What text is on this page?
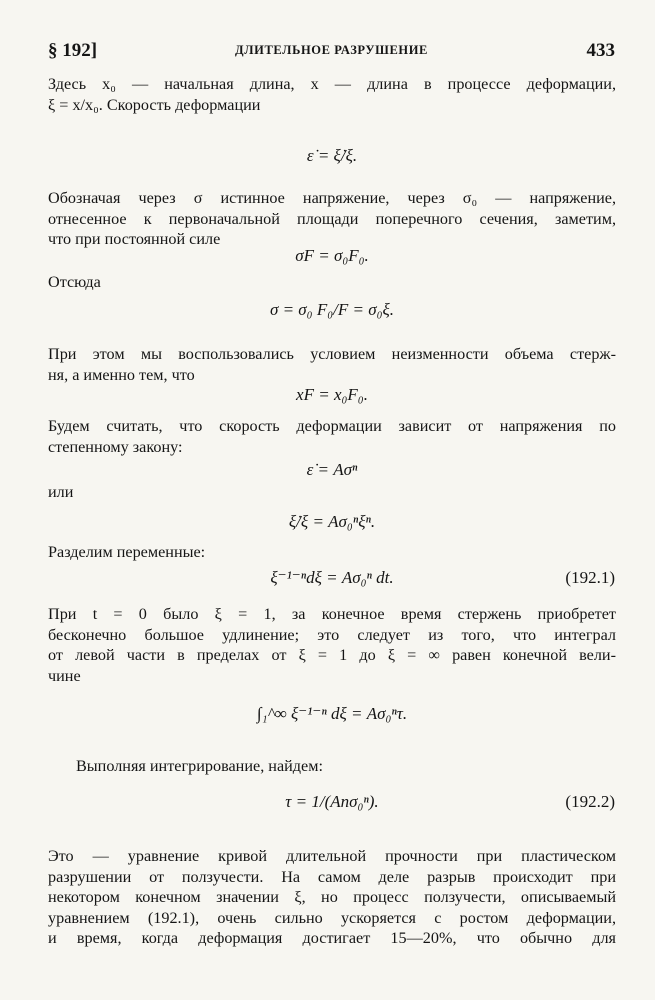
§ 192]	ДЛИТЕЛЬНОЕ РАЗРУШЕНИЕ	433
Здесь x₀ — начальная длина, x — длина в процессе деформации,
ξ = x/x₀. Скорость деформации
ε̇ = ξ̇/ξ.
Обозначая через σ истинное напряжение, через σ₀ — напряжение,
отнесенное к первоначальной площади поперечного сечения, заметим,
что при постоянной силе
σF = σ₀F₀.
Отсюда
σ = σ₀ F₀/F = σ₀ξ.
При этом мы воспользовались условием неизменности объема стерж-
ня, а именно тем, что
xF = x₀F₀.
Будем считать, что скорость деформации зависит от напряжения по
степенному закону:
ε̇ = Aσⁿ
или
ξ̇/ξ = Aσ₀ⁿξⁿ.
Разделим переменные:
ξ⁻¹⁻ⁿdξ = Aσ₀ⁿ dt.	(192.1)
При t = 0 было ξ = 1, за конечное время стержень приобретет
бесконечно большое удлинение; это следует из того, что интеграл
от левой части в пределах от ξ = 1 до ξ = ∞ равен конечной вели-
чине
∫₁^∞ ξ⁻¹⁻ⁿ dξ = Aσ₀ⁿτ.
Выполняя интегрирование, найдем:
τ = 1/(Anσ₀ⁿ).	(192.2)
Это — уравнение кривой длительной прочности при пластическом
разрушении от ползучести. На самом деле разрыв происходит при
некотором конечном значении ξ, но процесс ползучести, описываемый
уравнением (192.1), очень сильно ускоряется с ростом деформации,
и время, когда деформация достигает 15—20%, что обычно для
